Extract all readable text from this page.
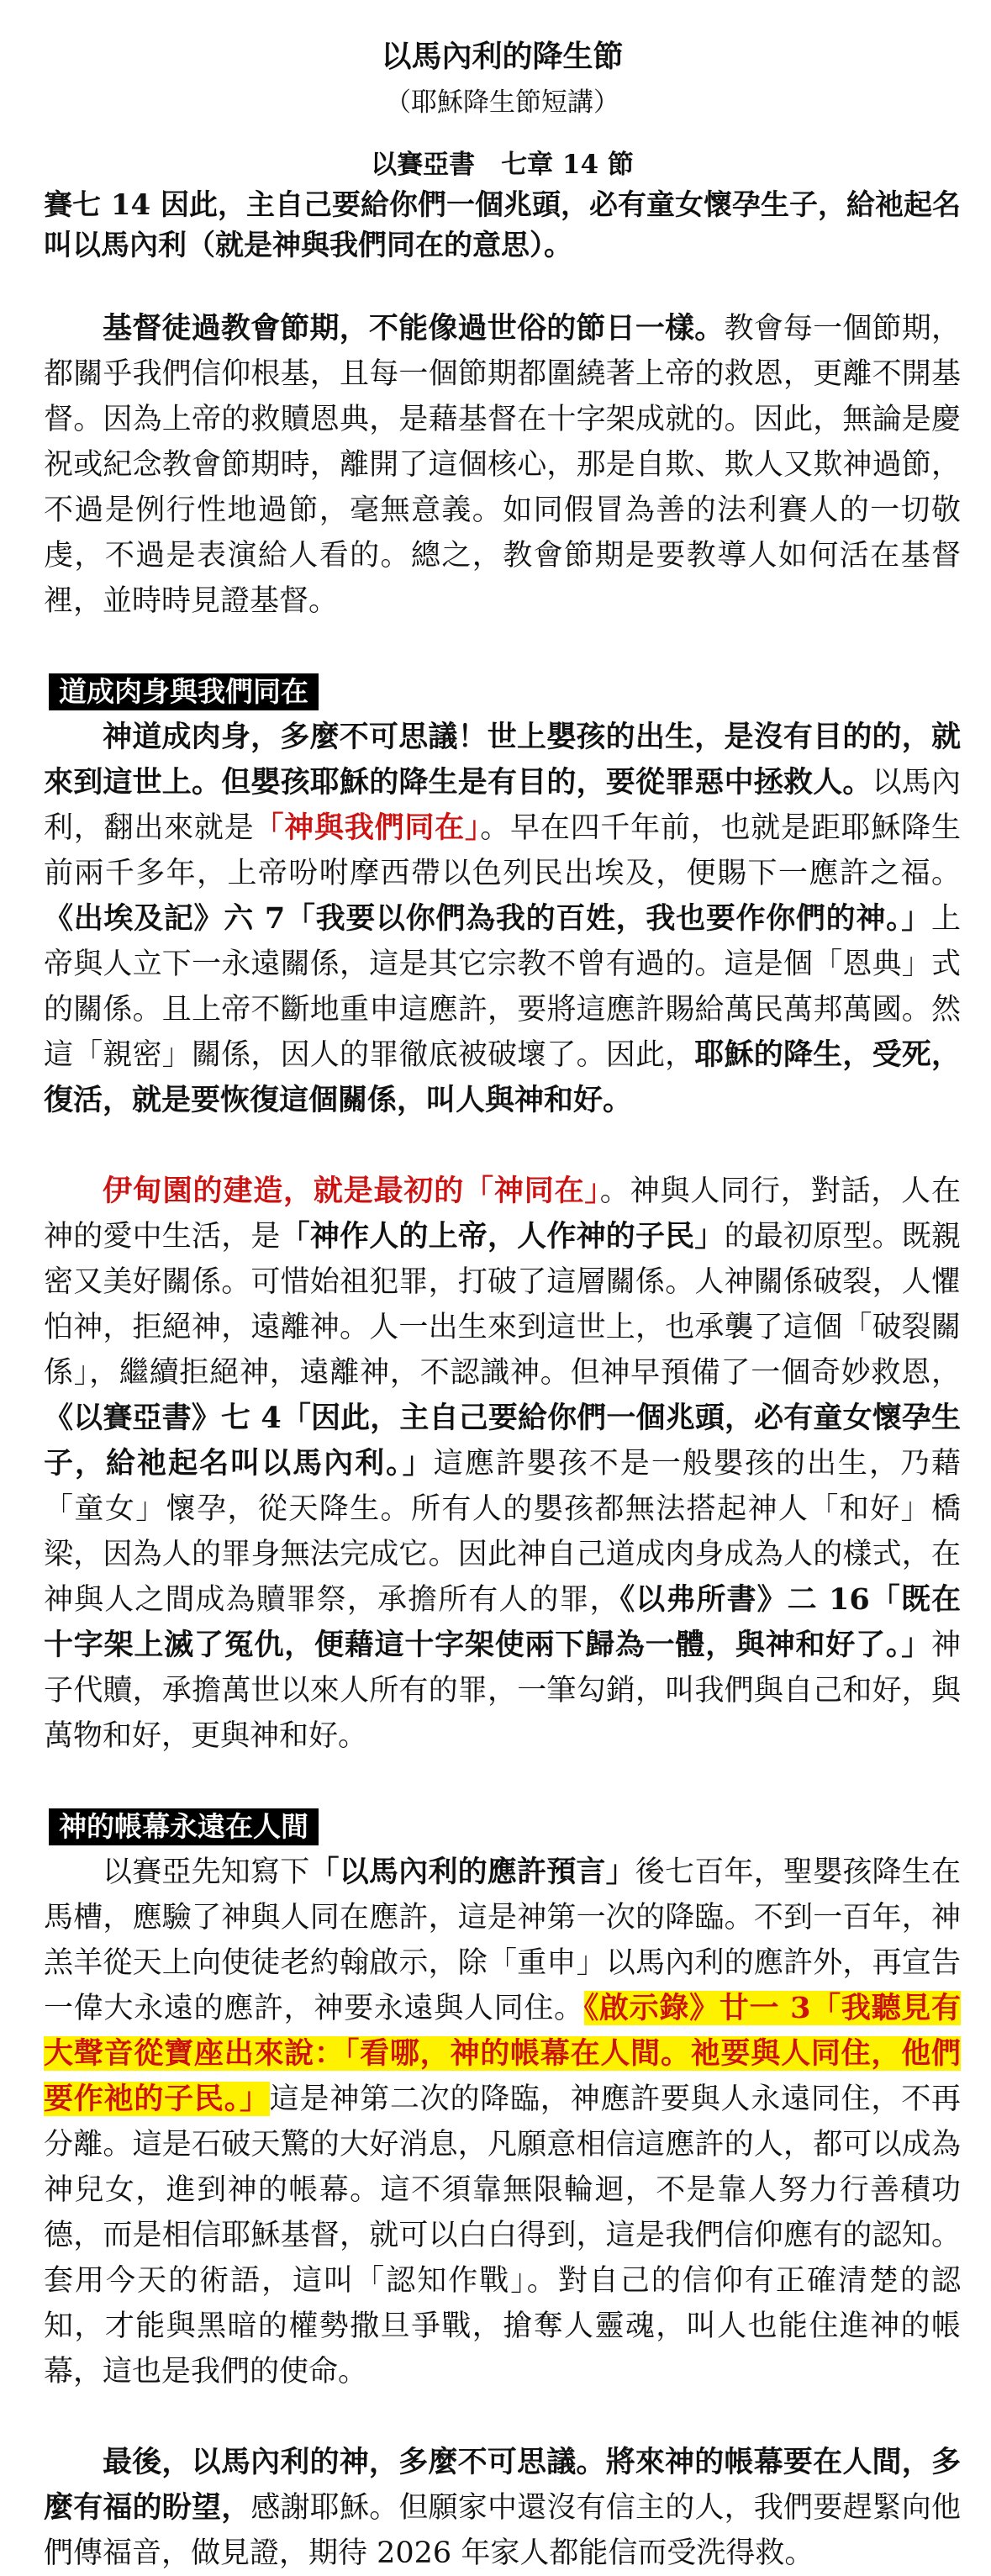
以馬內利的降生節

（耶穌降生節短講）

以賽亞書　七章 14 節

賽七 14 因此，主自己要給你們一個兆頭，必有童女懷孕生子，給祂起名叫以馬內利（就是神與我們同在的意思）。

基督徒過教會節期，不能像過世俗的節日一樣。教會每一個節期，都關乎我們信仰根基，且每一個節期都圍繞著上帝的救恩，更離不開基督。因為上帝的救贖恩典，是藉基督在十字架成就的。因此，無論是慶祝或紀念教會節期時，離開了這個核心，那是自欺、欺人又欺神過節，不過是例行性地過節，毫無意義。如同假冒為善的法利賽人的一切敬虔，不過是表演給人看的。總之，教會節期是要教導人如何活在基督裡，並時時見證基督。

道成肉身與我們同在

神道成肉身，多麼不可思議！世上嬰孩的出生，是沒有目的的，就來到這世上。但嬰孩耶穌的降生是有目的，要從罪惡中拯救人。以馬內利，翻出來就是「神與我們同在」。早在四千年前，也就是距耶穌降生前兩千多年，上帝吩咐摩西帶以色列民出埃及，便賜下一應許之福。《出埃及記》六 7「我要以你們為我的百姓，我也要作你們的神。」上帝與人立下一永遠關係，這是其它宗教不曾有過的。這是個「恩典」式的關係。且上帝不斷地重申這應許，要將這應許賜給萬民萬邦萬國。然這「親密」關係，因人的罪徹底被破壞了。因此，耶穌的降生，受死，復活，就是要恢復這個關係，叫人與神和好。

伊甸園的建造，就是最初的「神同在」。神與人同行，對話，人在神的愛中生活，是「神作人的上帝，人作神的子民」的最初原型。既親密又美好關係。可惜始祖犯罪，打破了這層關係。人神關係破裂，人懼怕神，拒絕神，遠離神。人一出生來到這世上，也承襲了這個「破裂關係」，繼續拒絕神，遠離神，不認識神。但神早預備了一個奇妙救恩，《以賽亞書》七 4「因此，主自己要給你們一個兆頭，必有童女懷孕生子，給祂起名叫以馬內利。」這應許嬰孩不是一般嬰孩的出生，乃藉「童女」懷孕，從天降生。所有人的嬰孩都無法搭起神人「和好」橋梁，因為人的罪身無法完成它。因此神自己道成肉身成為人的樣式，在神與人之間成為贖罪祭，承擔所有人的罪，《以弗所書》二 16「既在十字架上滅了冤仇，便藉這十字架使兩下歸為一體，與神和好了。」神子代贖，承擔萬世以來人所有的罪，一筆勾銷，叫我們與自己和好，與萬物和好，更與神和好。

神的帳幕永遠在人間

以賽亞先知寫下「以馬內利的應許預言」後七百年，聖嬰孩降生在馬槽，應驗了神與人同在應許，這是神第一次的降臨。不到一百年，神羔羊從天上向使徒老約翰啟示，除「重申」以馬內利的應許外，再宣告一偉大永遠的應許，神要永遠與人同住。《啟示錄》廿一 3「我聽見有大聲音從寶座出來說：「看哪，神的帳幕在人間。祂要與人同住，他們要作祂的子民。」這是神第二次的降臨，神應許要與人永遠同住，不再分離。這是石破天驚的大好消息，凡願意相信這應許的人，都可以成為神兒女，進到神的帳幕。這不須靠無限輪迴，不是靠人努力行善積功德，而是相信耶穌基督，就可以白白得到，這是我們信仰應有的認知。套用今天的術語，這叫「認知作戰」。對自己的信仰有正確清楚的認知，才能與黑暗的權勢撒旦爭戰，搶奪人靈魂，叫人也能住進神的帳幕，這也是我們的使命。

最後，以馬內利的神，多麼不可思議。將來神的帳幕要在人間，多麼有福的盼望，感謝耶穌。但願家中還沒有信主的人，我們要趕緊向他們傳福音，做見證，期待 2026 年家人都能信而受洗得救。
